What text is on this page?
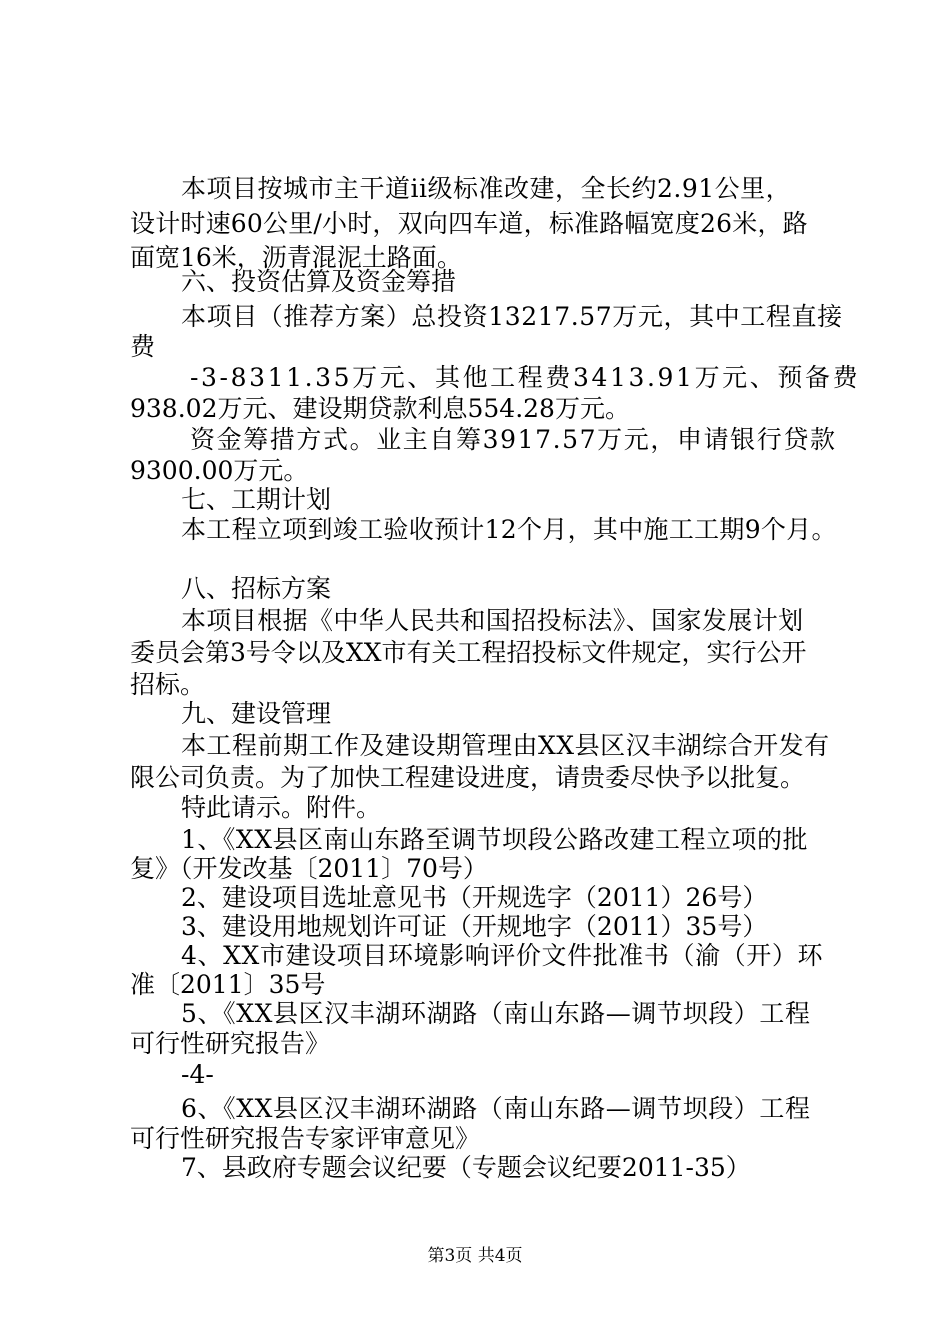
本项目按城市主干道ii级标准改建，全长约2.91公里，
设计时速60公里/小时，双向四车道，标准路幅宽度26米，路
面宽16米，沥青混泥土路面。
六、投资估算及资金筹措
本项目（推荐方案）总投资13217.57万元，其中工程直接
费
-3-8311.35万元、其他工程费3413.91万元、预备费
938.02万元、建设期贷款利息554.28万元。
资金筹措方式。业主自筹3917.57万元，申请银行贷款
9300.00万元。
七、工期计划
本工程立项到竣工验收预计12个月，其中施工工期9个月。
八、招标方案
本项目根据《中华人民共和国招投标法》、国家发展计划
委员会第3号令以及XX市有关工程招投标文件规定，实行公开
招标。
九、建设管理
本工程前期工作及建设期管理由XX县区汉丰湖综合开发有
限公司负责。为了加快工程建设进度，请贵委尽快予以批复。
特此请示。附件。
1、《XX县区南山东路至调节坝段公路改建工程立项的批
复》（开发改基〔2011〕70号）
2、建设项目选址意见书（开规选字（2011）26号）
3、建设用地规划许可证（开规地字（2011）35号）
4、XX市建设项目环境影响评价文件批准书（渝（开）环
准〔2011〕35号
5、《XX县区汉丰湖环湖路（南山东路—调节坝段）工程
可行性研究报告》
-4-
6、《XX县区汉丰湖环湖路（南山东路—调节坝段）工程
可行性研究报告专家评审意见》
7、县政府专题会议纪要（专题会议纪要2011-35）
第3页 共4页
